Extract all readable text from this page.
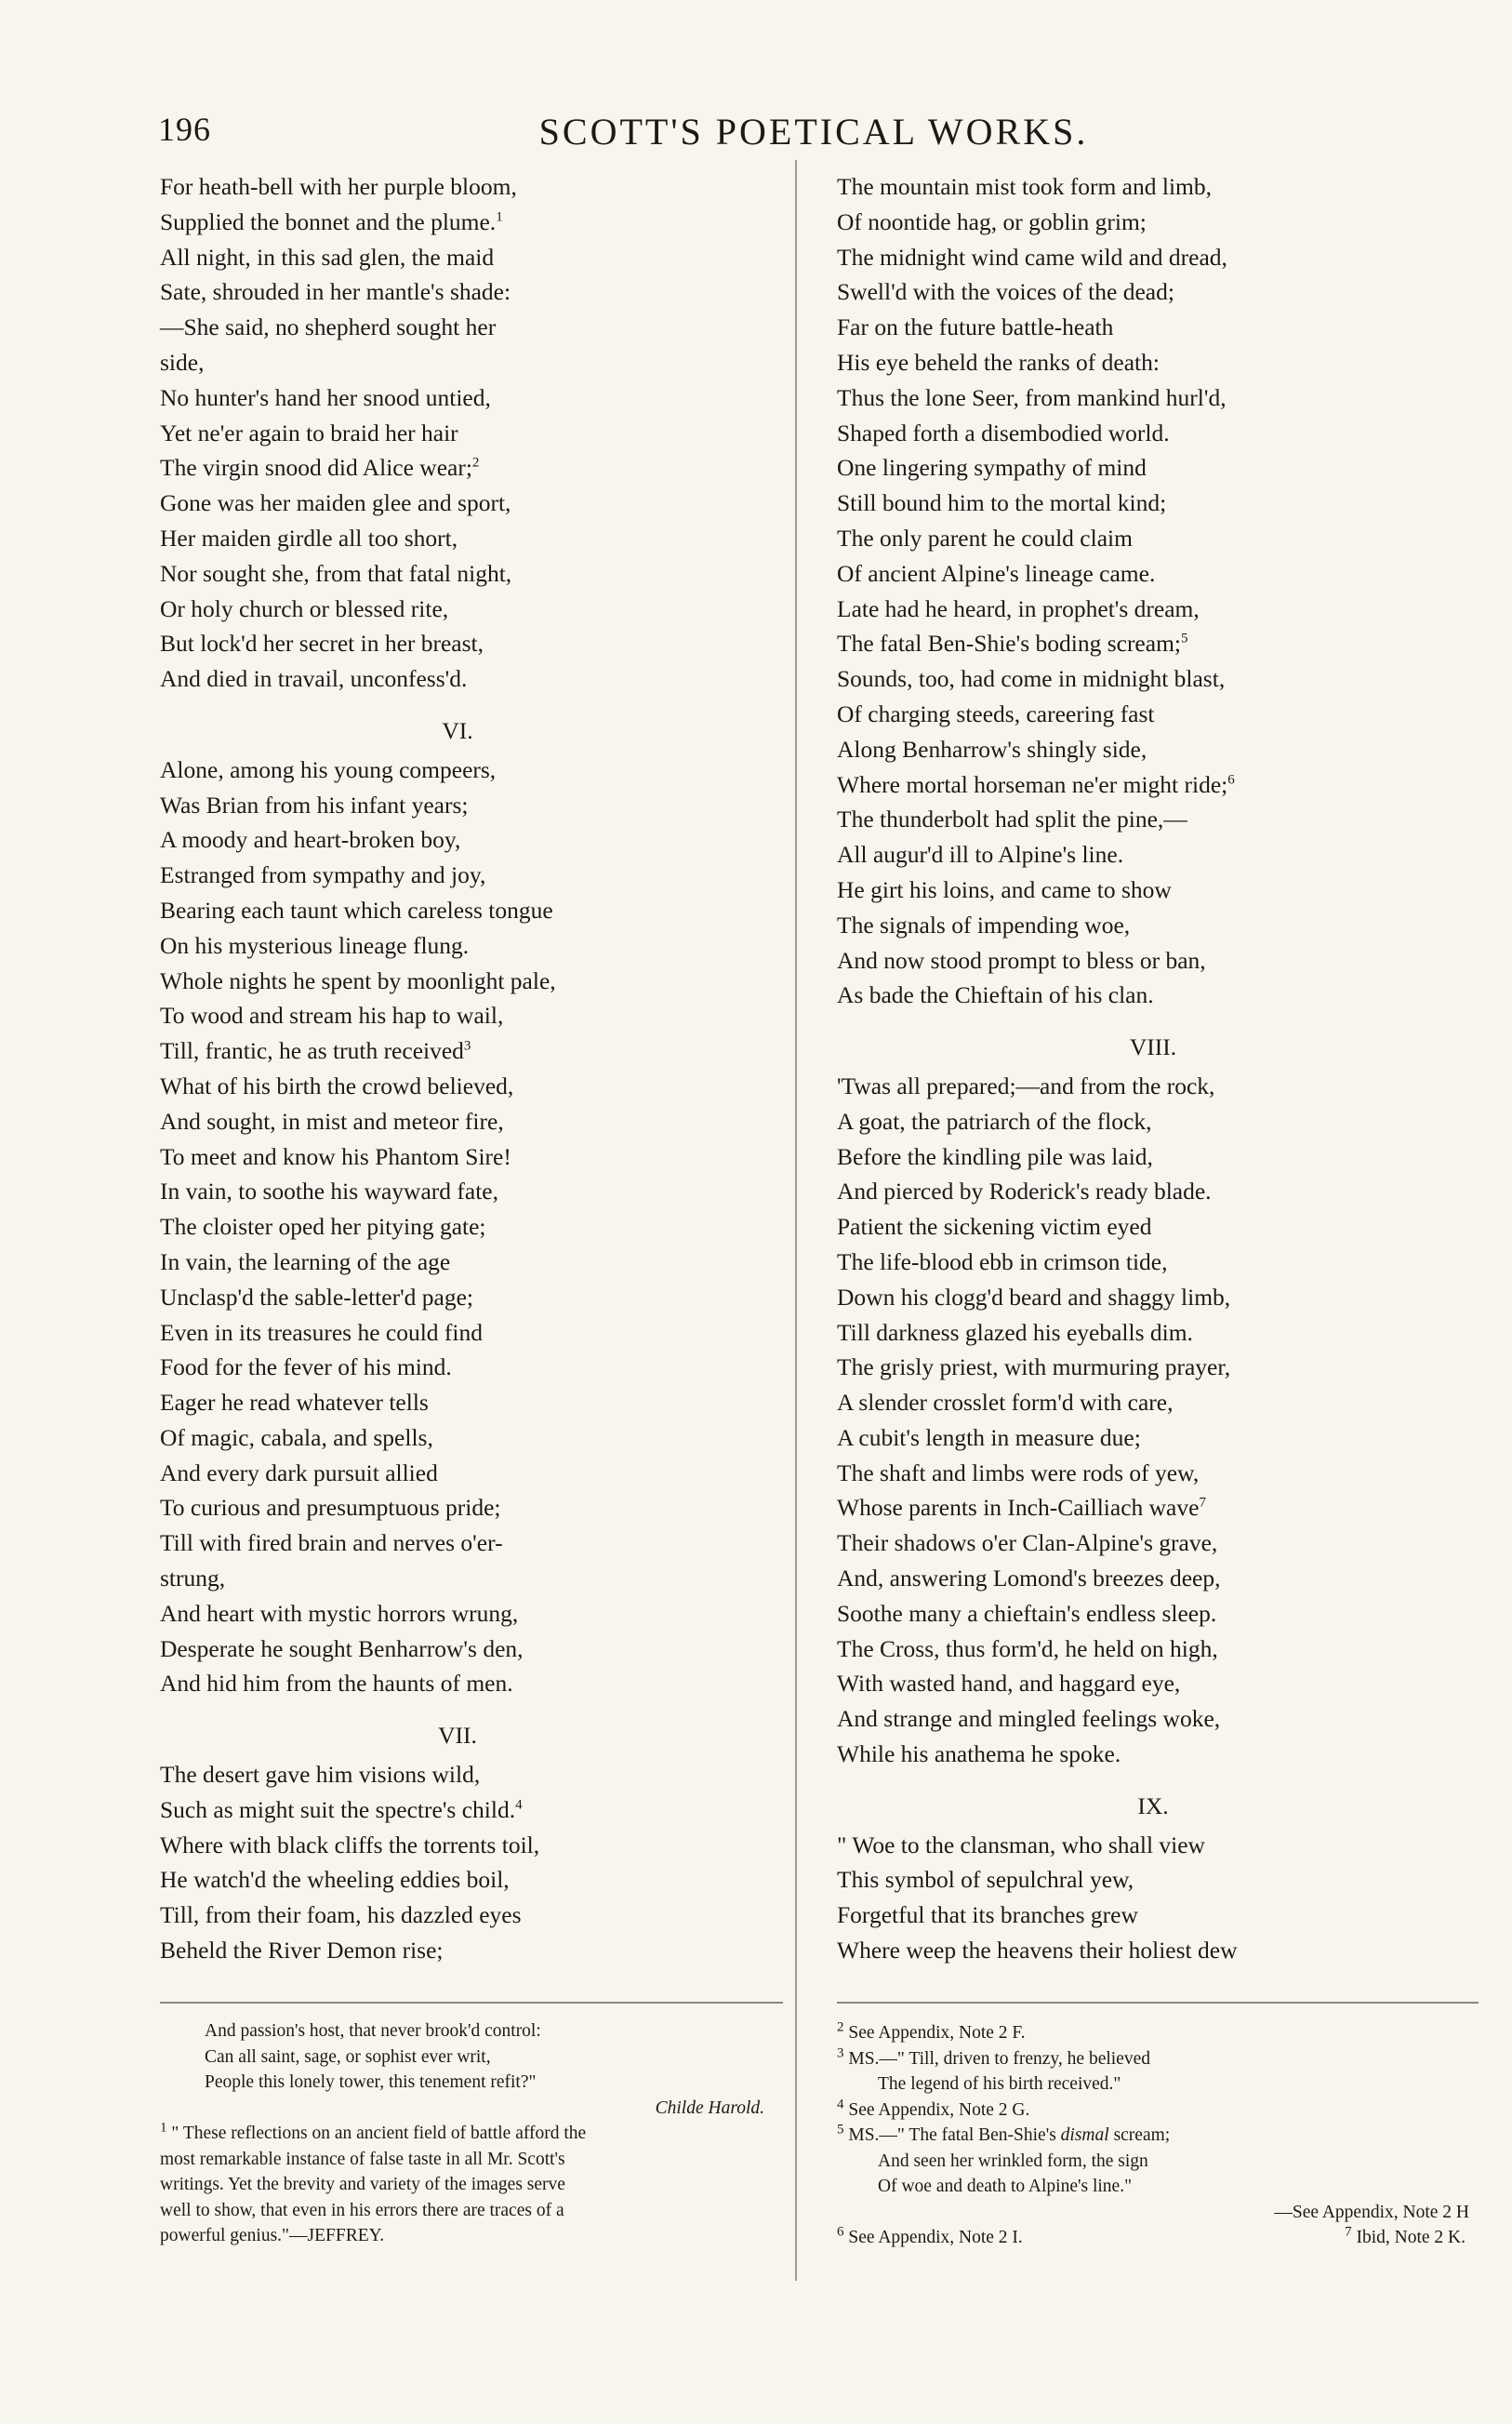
196	SCOTT'S POETICAL WORKS.
For heath-bell with her purple bloom,
Supplied the bonnet and the plume.$^1$
All night, in this sad glen, the maid
Sate, shrouded in her mantle's shade:
—She said, no shepherd sought her
side,
No hunter's hand her snood untied,
Yet ne'er again to braid her hair
The virgin snood did Alice wear;$^2$
Gone was her maiden glee and sport,
Her maiden girdle all too short,
Nor sought she, from that fatal night,
Or holy church or blessed rite,
But lock'd her secret in her breast,
And died in travail, unconfess'd.
VI.
Alone, among his young compeers,
Was Brian from his infant years;
A moody and heart-broken boy,
Estranged from sympathy and joy,
Bearing each taunt which careless tongue
On his mysterious lineage flung.
Whole nights he spent by moonlight pale,
To wood and stream his hap to wail,
Till, frantic, he as truth received$^3$
What of his birth the crowd believed,
And sought, in mist and meteor fire,
To meet and know his Phantom Sire!
In vain, to soothe his wayward fate,
The cloister oped her pitying gate;
In vain, the learning of the age
Unclasp'd the sable-letter'd page;
Even in its treasures he could find
Food for the fever of his mind.
Eager he read whatever tells
Of magic, cabala, and spells,
And every dark pursuit allied
To curious and presumptuous pride;
Till with fired brain and nerves o'er-
strung,
And heart with mystic horrors wrung,
Desperate he sought Benharrow's den,
And hid him from the haunts of men.
VII.
The desert gave him visions wild,
Such as might suit the spectre's child.$^4$
Where with black cliffs the torrents toil,
He watch'd the wheeling eddies boil,
Till, from their foam, his dazzled eyes
Beheld the River Demon rise;
The mountain mist took form and limb,
Of noontide hag, or goblin grim;
The midnight wind came wild and dread,
Swell'd with the voices of the dead;
Far on the future battle-heath
His eye beheld the ranks of death:
Thus the lone Seer, from mankind hurl'd,
Shaped forth a disembodied world.
One lingering sympathy of mind
Still bound him to the mortal kind;
The only parent he could claim
Of ancient Alpine's lineage came.
Late had he heard, in prophet's dream,
The fatal Ben-Shie's boding scream;$^5$
Sounds, too, had come in midnight blast,
Of charging steeds, careering fast
Along Benharrow's shingly side,
Where mortal horseman ne'er might ride;$^6$
The thunderbolt had split the pine,—
All augur'd ill to Alpine's line.
He girt his loins, and came to show
The signals of impending woe,
And now stood prompt to bless or ban,
As bade the Chieftain of his clan.
VIII.
'Twas all prepared;—and from the rock,
A goat, the patriarch of the flock,
Before the kindling pile was laid,
And pierced by Roderick's ready blade.
Patient the sickening victim eyed
The life-blood ebb in crimson tide,
Down his clogg'd beard and shaggy limb,
Till darkness glazed his eyeballs dim.
The grisly priest, with murmuring prayer,
A slender crosslet form'd with care,
A cubit's length in measure due;
The shaft and limbs were rods of yew,
Whose parents in Inch-Cailliach wave$^7$
Their shadows o'er Clan-Alpine's grave,
And, answering Lomond's breezes deep,
Soothe many a chieftain's endless sleep.
The Cross, thus form'd, he held on high,
With wasted hand, and haggard eye,
And strange and mingled feelings woke,
While his anathema he spoke.
IX.
" Woe to the clansman, who shall view
This symbol of sepulchral yew,
Forgetful that its branches grew
Where weep the heavens their holiest dew
And passion's host, that never brook'd control:
Can all saint, sage, or sophist ever writ,
People this lonely tower, this tenement refit?"
Childe Harold.
$^1$ " These reflections on an ancient field of battle afford the
most remarkable instance of false taste in all Mr. Scott's
writings. Yet the brevity and variety of the images serve
well to show, that even in his errors there are traces of a
powerful genius."—JEFFREY.
$^2$ See Appendix, Note 2 F.
$^3$ MS.—" Till, driven to frenzy, he believed
The legend of his birth received."
$^4$ See Appendix, Note 2 G.
$^5$ MS.—" The fatal Ben-Shie's dismal scream;
And seen her wrinkled form, the sign
Of woe and death to Alpine's line."
—See Appendix, Note 2 H
$^6$ See Appendix, Note 2 I.	$^7$ Ibid, Note 2 K.
